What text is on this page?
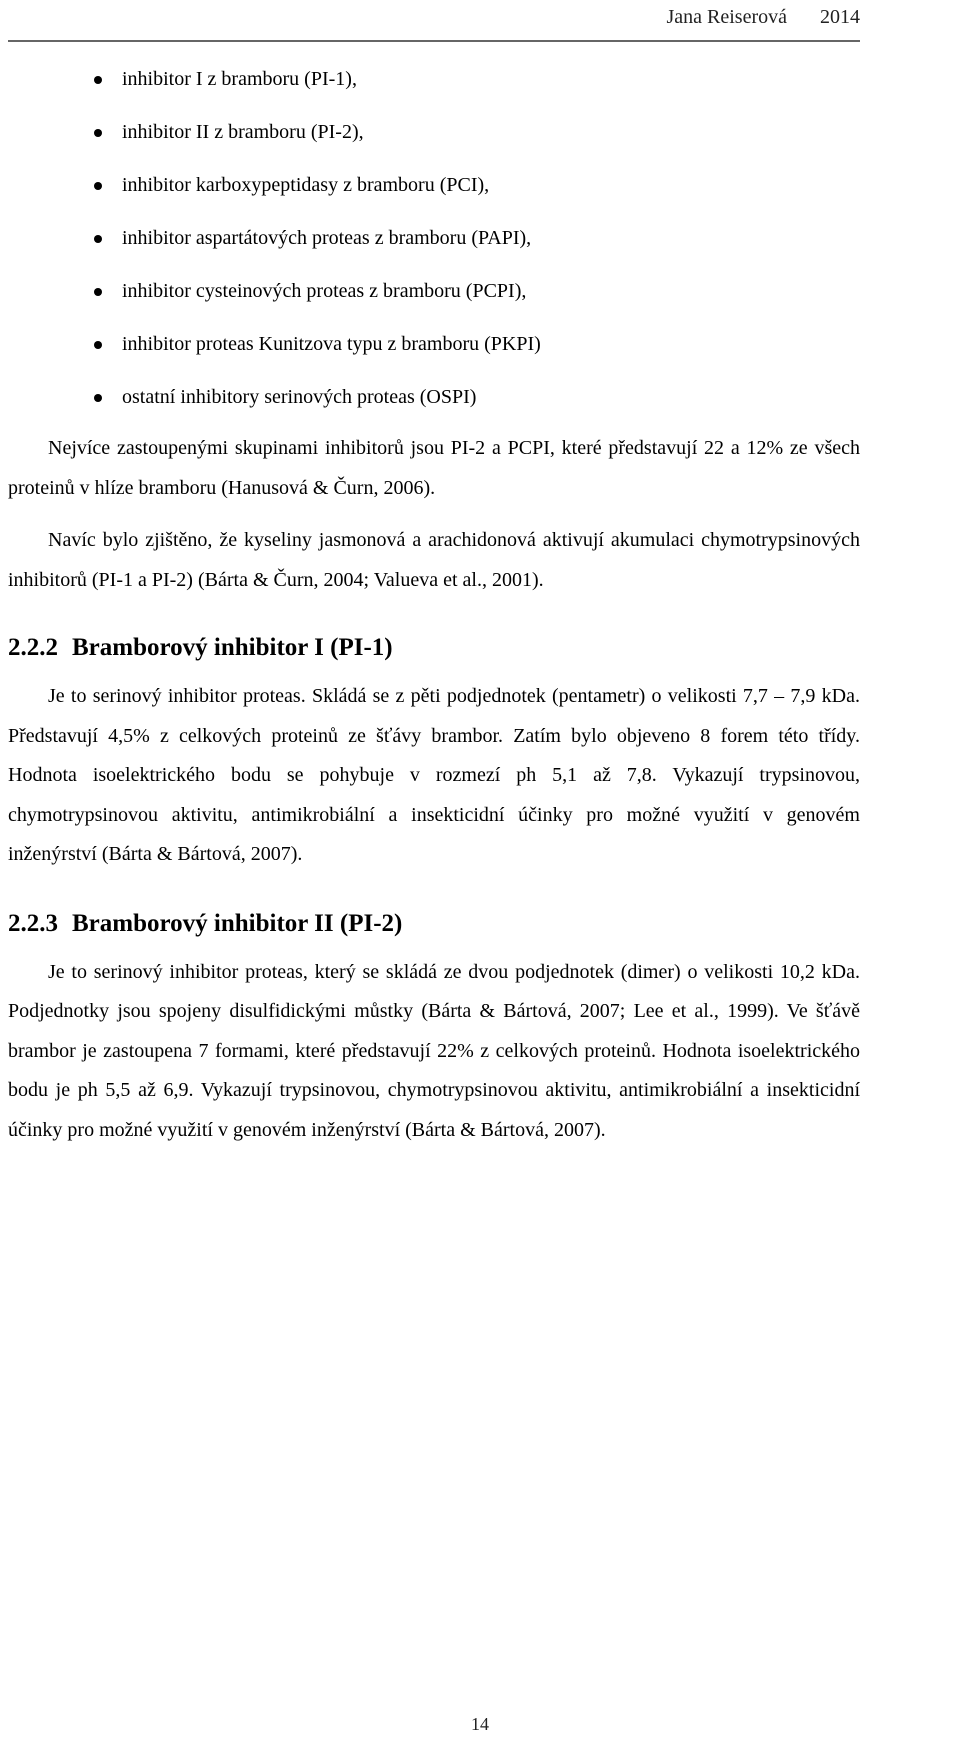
Jana Reiserová 2014
inhibitor I z bramboru (PI-1),
inhibitor II z bramboru (PI-2),
inhibitor karboxypeptidasy z bramboru (PCI),
inhibitor aspartátových proteas z bramboru (PAPI),
inhibitor cysteinových proteas z bramboru (PCPI),
inhibitor proteas Kunitzova typu z bramboru (PKPI)
ostatní inhibitory serinových proteas (OSPI)

Nejvíce zastoupenými skupinami inhibitorů jsou PI-2 a PCPI, které představují 22 a 12% ze všech proteinů v hlíze bramboru (Hanusová & Čurn, 2006).

Navíc bylo zjištěno, že kyseliny jasmonová a arachidonová aktivují akumulaci chymotrypsinových inhibitorů (PI-1 a PI-2) (Bárta & Čurn, 2004; Valueva et al., 2001).

2.2.2 Bramborový inhibitor I (PI-1)

Je to serinový inhibitor proteas. Skládá se z pěti podjednotek (pentametr) o velikosti 7,7 – 7,9 kDa. Představují 4,5% z celkových proteinů ze šťávy brambor. Zatím bylo objeveno 8 forem této třídy. Hodnota isoelektrického bodu se pohybuje v rozmezí ph 5,1 až 7,8. Vykazují trypsinovou, chymotrypsinovou aktivitu, antimikrobiální a insekticidní účinky pro možné využití v genovém inženýrství (Bárta & Bártová, 2007).

2.2.3 Bramborový inhibitor II (PI-2)

Je to serinový inhibitor proteas, který se skládá ze dvou podjednotek (dimer) o velikosti 10,2 kDa. Podjednotky jsou spojeny disulfidickými můstky (Bárta & Bártová, 2007; Lee et al., 1999). Ve šťávě brambor je zastoupena 7 formami, které představují 22% z celkových proteinů. Hodnota isoelektrického bodu je ph 5,5 až 6,9. Vykazují trypsinovou, chymotrypsinovou aktivitu, antimikrobiální a insekticidní účinky pro možné využití v genovém inženýrství (Bárta & Bártová, 2007).

14
